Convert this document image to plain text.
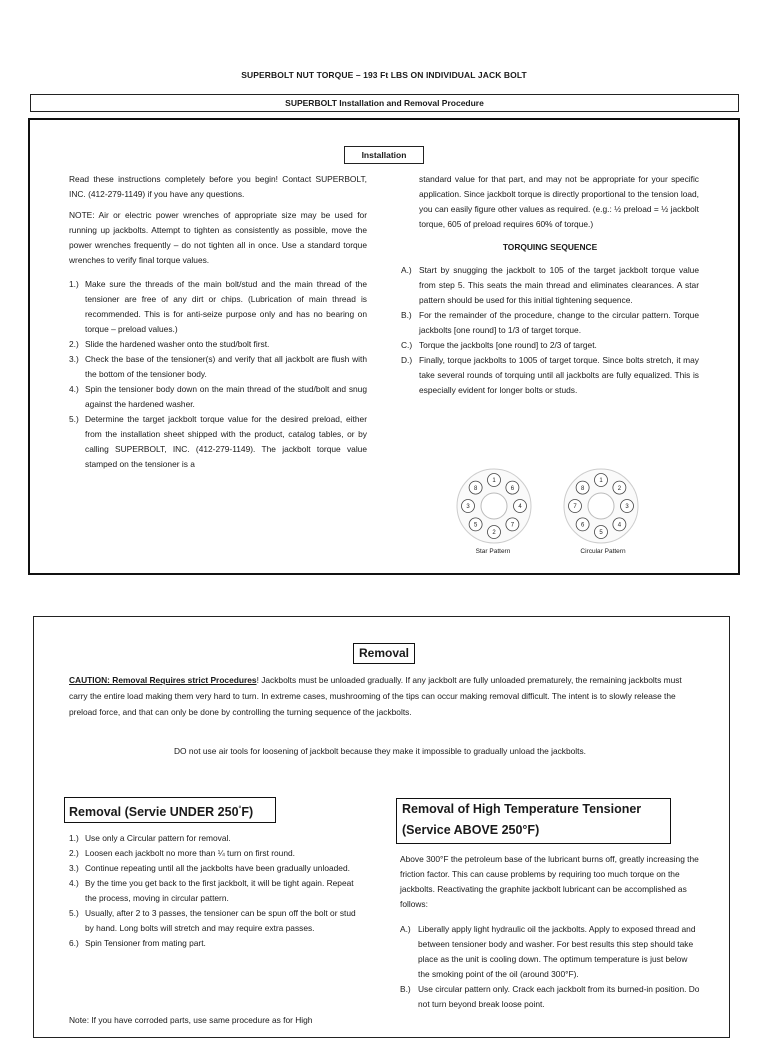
SUPERBOLT NUT TORQUE – 193 Ft LBS ON INDIVIDUAL JACK BOLT
SUPERBOLT Installation and Removal Procedure
Installation

Read these instructions completely before you begin! Contact SUPERBOLT, INC. (412-279-1149) if you have any questions.

NOTE: Air or electric power wrenches of appropriate size may be used for running up jackbolts. Attempt to tighten as consistently as possible, move the power wrenches frequently – do not tighten all in once. Use a standard torque wrenches to verify final torque values.

1.) Make sure the threads of the main bolt/stud and the main thread of the tensioner are free of any dirt or chips. (Lubrication of main thread is recommended. This is for anti-seize purpose only and has no bearing on torque – preload values.)
2.) Slide the hardened washer onto the stud/bolt first.
3.) Check the base of the tensioner(s) and verify that all jackbolt are flush with the bottom of the tensioner body.
4.) Spin the tensioner body down on the main thread of the stud/bolt and snug against the hardened washer.
5.) Determine the target jackbolt torque value for the desired preload, either from the installation sheet shipped with the product, catalog tables, or by calling SUPERBOLT, INC. (412-279-1149). The jackbolt torque value stamped on the tensioner is a

standard value for that part, and may not be appropriate for your specific application. Since jackbolt torque is directly proportional to the tension load, you can easily figure other values as required. (e.g.: ½ preload = ½ jackbolt torque, 605 of preload requires 60% of torque.)

TORQUING SEQUENCE
A.) Start by snugging the jackbolt to 105 of the target jackbolt torque value from step 5. This seats the main thread and eliminates clearances. A star pattern should be used for this initial tightening sequence.
B.) For the remainder of the procedure, change to the circular pattern. Torque jackbolts [one round] to 1/3 of target torque.
C.) Torque the jackbolts [one round] to 2/3 of target.
D.) Finally, torque jackbolts to 1005 of target torque. Since bolts stretch, it may take several rounds of torquing until all jackbolts are fully equalized. This is especially evident for longer bolts or studs.
1
6
4
7
2
5
3
8
1
2
3
4
5
6
7
8
Star Pattern	Circular Pattern
Removal
CAUTION: Removal Requires strict Procedures! Jackbolts must be unloaded gradually. If any jackbolt are fully unloaded prematurely, the remaining jackbolts must carry the entire load making them very hard to turn. In extreme cases, mushrooming of the tips can occur making removal difficult. The intent is to slowly release the preload force, and that can only be done by controlling the turning sequence of the jackbolts.
DO not use air tools for loosening of jackbolt because they make it impossible to gradually unload the jackbolts.
Removal (Servie UNDER 250°F)
1.) Use only a Circular pattern for removal.
2.) Loosen each jackbolt no more than ¼ turn on first round.
3.) Continue repeating until all the jackbolts have been gradually unloaded.
4.) By the time you get back to the first jackbolt, it will be tight again. Repeat the process, moving in circular pattern.
5.) Usually, after 2 to 3 passes, the tensioner can be spun off the bolt or stud by hand. Long bolts will stretch and may require extra passes.
6.) Spin Tensioner from mating part.
Note: If you have corroded parts, use same procedure as for High
Removal of High Temperature Tensioner
(Service ABOVE 250°F)
Above 300°F the petroleum base of the lubricant burns off, greatly increasing the friction factor. This can cause problems by requiring too much torque on the jackbolts. Reactivating the graphite jackbolt lubricant can be accomplished as follows:
A.) Liberally apply light hydraulic oil the jackbolts. Apply to exposed thread and between tensioner body and washer. For best results this step should take place as the unit is cooling down. The optimum temperature is just below the smoking point of the oil (around 300°F).
B.) Use circular pattern only. Crack each jackbolt from its burned-in position. Do not turn beyond break loose point.
